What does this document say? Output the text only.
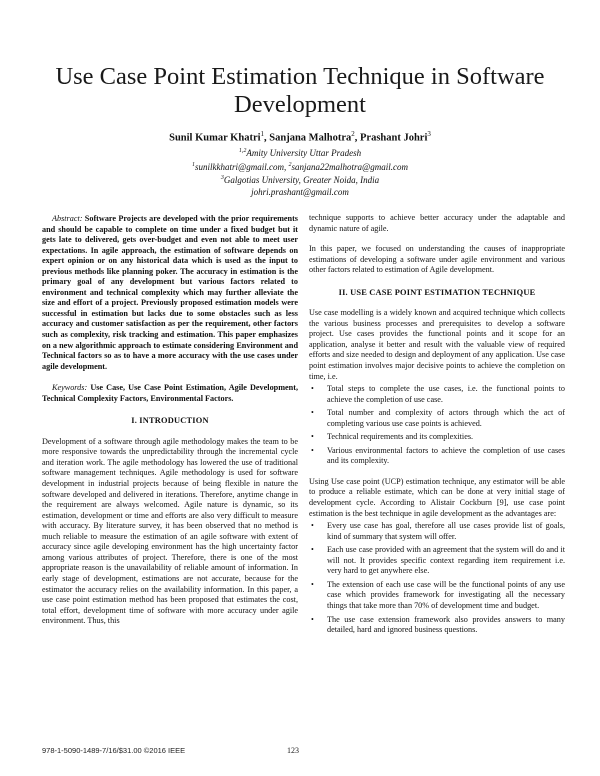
Use Case Point Estimation Technique in Software Development
Sunil Kumar Khatri$^1$, Sanjana Malhotra$^2$, Prashant Johri$^3$
$^{1,2}$Amity University Uttar Pradesh
$^1$sunilkkhatri@gmail.com, $^2$sanjana22malhotra@gmail.com
$^3$Galgotias University, Greater Noida, India
johri.prashant@gmail.com

Abstract: Software Projects are developed with the prior requirements and should be capable to complete on time under a fixed budget but it gets late to delivered, gets over-budget and even not able to meet user expectations. In agile approach, the estimation of software depends on expert opinion or on any historical data which is used as the input to previous methods like planning poker. The accuracy in estimation is the primary goal of any development but various factors related to environment and technical complexity which may further alleviate the size and effort of a project. Previously proposed estimation models were successful in estimation but lacks due to some obstacles such as less accuracy and customer satisfaction as per the requirement, other factors such as complexity, risk tracking and estimation. This paper emphasizes on a new algorithmic approach to estimate considering Environment and Technical factors so as to have a more accuracy with the use cases under agile development.

Keywords: Use Case, Use Case Point Estimation, Agile Development, Technical Complexity Factors, Environmental Factors.

I. INTRODUCTION

Development of a software through agile methodology makes the team to be more responsive towards the unpredictability through the incremental cycle and iteration work. The agile methodology has lowered the use of traditional software management techniques. Agile methodology is used for software development in industrial projects because of being flexible in nature the software developed and delivered in iterations. Therefore, anytime change in the requirement are always welcomed. Agile nature is dynamic, so its estimation, development or time and efforts are also very difficult to measure with accuracy. By literature survey, it has been observed that no method is much reliable to measure the estimation of an agile software with extent of accuracy since agile developing environment has the high uncertainty factor among various attributes of project. Therefore, there is one of the most appropriate reason is the unavailability of reliable amount of information. In early stage of development, estimations are not accurate, because for the estimator the accuracy relies on the availability information. In this paper, a use case point estimation method has been proposed that estimates the cost, total effort, development time of software with more accuracy under agile environment. Thus, this

technique supports to achieve better accuracy under the adaptable and dynamic nature of agile.

In this paper, we focused on understanding the causes of inappropriate estimations of developing a software under agile environment and various other factors related to estimation of Agile development.

II. USE CASE POINT ESTIMATION TECHNIQUE

Use case modelling is a widely known and acquired technique which collects the various business processes and prerequisites to develop a software project. Use cases provides the functional points and it scope for an application, analyse it better and result with the valuable view of required efforts and size needed to design and deployment of any application. Use case point estimation involves major decisive points to achieve the completion on time, i.e.

• Total steps to complete the use cases, i.e. the functional points to achieve the completion of use case.
• Total number and complexity of actors through which the act of completing various use case points is achieved.
• Technical requirements and its complexities.
• Various environmental factors to achieve the completion of use cases and its complexity.

Using Use case point (UCP) estimation technique, any estimator will be able to produce a reliable estimate, which can be done at very initial stage of development cycle. According to Alistair Cockburn [9], use case point estimation is the best technique in agile development as the advantages are:

• Every use case has goal, therefore all use cases provide list of goals, kind of summary that system will offer.
• Each use case provided with an agreement that the system will do and it will not. It provides specific context regarding item requirement i.e. very hard to get anywhere else.
• The extension of each use case will be the functional points of any use case which provides framework for investigating all the necessary things that take more than 70% of development time and budget.
• The use case extension framework also provides answers to many detailed, hard and ignored business questions.
978-1-5090-1489-7/16/$31.00 ©2016 IEEE	123
